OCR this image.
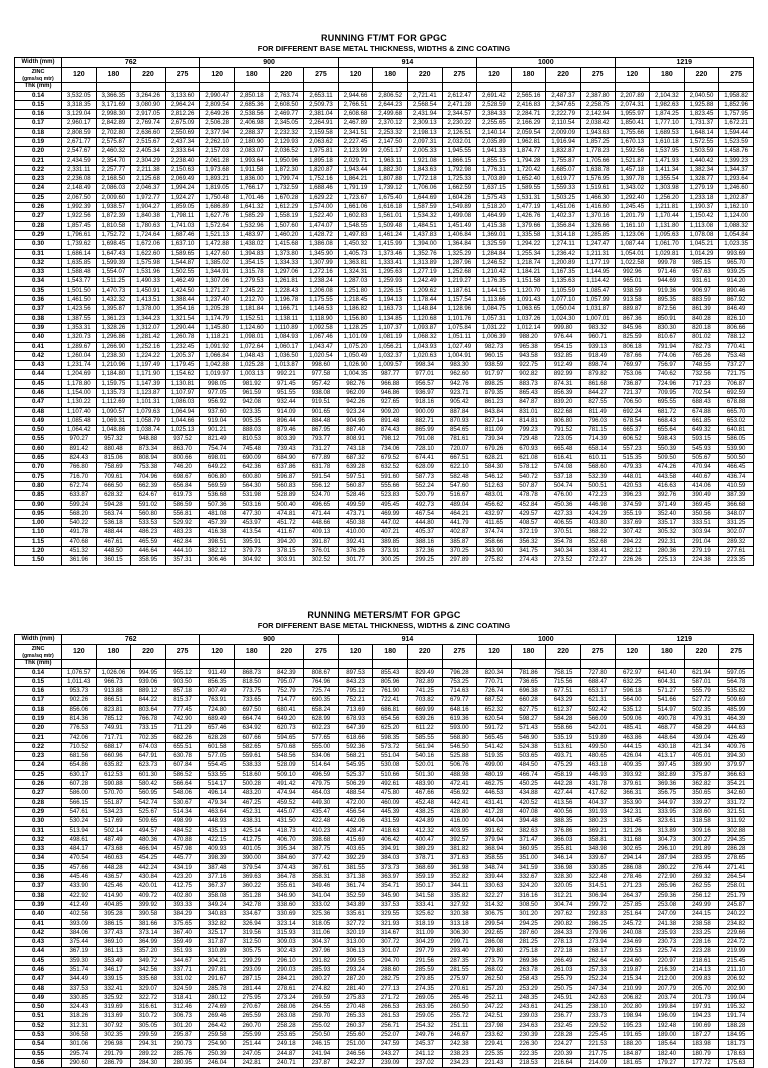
RUNNING FT/MT FOR GPGC
FOR DIFFERENT BASE METAL THICKNESS, WIDTHS & ZINC COATING
Width (mm)	762				900				914				1000				1219			

ZINC
(gms/sq mtr)	120	180	220	275	120	180	220	275	120	180	220	275	120	180	220	275	120	180	220	275
Thk (mm)																				
0.14	3,532.05	3,366.35	3,264.26	3,133.60	2,990.47	2,850.18	2,763.74	2,653.11	2,944.66	2,806.52	2,721.41	2,612.47	2,691.42	2,565.16	2,487.37	2,387.80	2,207.89	2,104.32	2,040.50	1,958.82
0.15	3,318.35	3,171.69	3,080.90	2,964.24	2,809.54	2,685.36	2,608.50	2,509.73	2,766.51	2,644.23	2,568.54	2,471.28	2,528.59	2,416.83	2,347.65	2,258.75	2,074.31	1,982.63	1,925.88	1,852.96
0.16	3,129.04	2,998.30	2,917.05	2,812.26	2,649.26	2,538.56	2,469.77	2,381.04	2,608.68	2,499.68	2,431.94	2,344.57	2,384.33	2,284.71	2,222.79	2,142.94	1,955.97	1,874.25	1,823.45	1,757.95
0.17	2,960.17	2,842.89	2,769.74	2,675.09	2,506.28	2,406.98	2,345.05	2,264.91	2,467.89	2,370.12	2,309.13	2,230.22	2,255.65	2,166.29	2,110.54	2,038.42	1,850.41	1,777.10	1,731.37	1,672.21
0.18	2,808.59	2,702.80	2,636.60	2,550.69	2,377.94	2,288.37	2,232.32	2,159.58	2,341.51	2,253.32	2,198.13	2,126.51	2,140.14	2,059.54	2,009.09	1,943.63	1,755.66	1,689.53	1,648.14	1,594.44
0.19	2,671.77	2,575.87	2,515.67	2,437.34	2,262.10	2,180.90	2,129.93	2,063.62	2,227.45	2,147.50	2,097.31	2,032.01	2,035.89	1,962.81	1,916.94	1,857.25	1,670.13	1,610.18	1,572.55	1,523.59
0.20	2,547.67	2,460.32	2,405.34	2,333.64	2,157.03	2,083.07	2,036.52	1,975.81	2,123.99	2,051.17	2,005.33	1,945.55	1,941.33	1,874.77	1,832.87	1,778.23	1,592.56	1,537.95	1,503.59	1,458.76
0.21	2,434.59	2,354.70	2,304.29	2,238.40	2,061.28	1,993.64	1,950.96	1,895.18	2,029.71	1,963.11	1,921.08	1,866.15	1,855.15	1,794.28	1,755.87	1,705.66	1,521.87	1,471.93	1,440.42	1,399.23
0.22	2,331.11	2,257.77	2,211.38	2,150.63	1,973.68	1,911.58	1,872.30	1,820.87	1,943.44	1,882.30	1,843.63	1,792.98	1,776.31	1,720.42	1,685.07	1,638.78	1,457.18	1,411.34	1,382.34	1,344.37
0.23	2,236.08	2,168.50	2,125.68	2,069.49	1,893.21	1,836.00	1,799.74	1,752.16	1,864.21	1,807.88	1,772.18	1,725.33	1,703.89	1,652.40	1,619.77	1,576.95	1,397.78	1,355.54	1,328.77	1,293.64
0.24	2,148.49	2,086.03	2,046.37	1,994.24	1,819.05	1,766.17	1,732.59	1,688.46	1,791.19	1,739.12	1,706.06	1,662.59	1,637.15	1,589.55	1,559.33	1,519.61	1,343.02	1,303.98	1,279.19	1,246.60
0.25	2,067.50	2,009.60	1,972.77	1,924.27	1,750.48	1,701.46	1,670.28	1,629.22	1,723.67	1,675.40	1,644.69	1,604.26	1,575.43	1,531.31	1,503.25	1,466.30	1,292.40	1,256.20	1,233.18	1,202.87
0.26	1,992.39	1,938.57	1,904.27	1,859.05	1,686.89	1,641.32	1,612.29	1,574.00	1,661.06	1,616.18	1,587.59	1,549.89	1,518.20	1,477.19	1,451.06	1,416.60	1,245.45	1,211.81	1,190.37	1,162.10
0.27	1,922.56	1,872.39	1,840.38	1,798.11	1,627.76	1,585.29	1,558.19	1,522.40	1,602.83	1,561.01	1,534.32	1,499.08	1,464.99	1,426.76	1,402.37	1,370.16	1,201.79	1,170.44	1,150.42	1,124.00
0.28	1,857.45	1,810.58	1,780.63	1,741.03	1,572.64	1,532.96	1,507.60	1,474.07	1,548.55	1,509.48	1,484.51	1,451.49	1,415.38	1,379.66	1,356.84	1,326.66	1,161.10	1,131.80	1,113.08	1,088.32
0.29	1,796.61	1,752.72	1,724.64	1,687.46	1,521.13	1,483.97	1,460.20	1,428.72	1,497.83	1,461.24	1,437.83	1,406.84	1,369.01	1,335.58	1,314.18	1,285.85	1,123.06	1,095.63	1,078.08	1,054.84
0.30	1,739.62	1,698.45	1,672.06	1,637.10	1,472.88	1,438.02	1,415.68	1,386.08	1,450.32	1,415.99	1,394.00	1,364.84	1,325.59	1,294.22	1,274.11	1,247.47	1,087.44	1,061.70	1,045.21	1,023.35
0.31	1,686.14	1,647.43	1,622.60	1,589.65	1,427.60	1,394.83	1,373.80	1,345.90	1,405.73	1,373.46	1,352.76	1,325.29	1,284.84	1,255.34	1,236.42	1,211.31	1,054.01	1,029.81	1,014.29	993.69
0.32	1,635.85	1,599.39	1,575.98	1,544.87	1,385.02	1,354.15	1,334.33	1,307.99	1,363.81	1,333.41	1,313.89	1,287.96	1,246.52	1,218.74	1,200.89	1,177.19	1,022.58	999.78	985.15	965.70
0.33	1,588.48	1,554.07	1,531.96	1,502.55	1,344.91	1,315.78	1,297.06	1,272.16	1,324.31	1,295.63	1,277.19	1,252.68	1,210.42	1,184.21	1,167.35	1,144.95	992.96	971.46	957.63	939.25
0.34	1,543.77	1,511.25	1,490.33	1,462.49	1,307.06	1,279.53	1,261.81	1,238.24	1,287.03	1,259.93	1,242.49	1,219.27	1,176.35	1,151.58	1,135.63	1,114.42	965.01	944.69	931.61	914.20
0.35	1,501.50	1,470.73	1,450.91	1,424.50	1,271.27	1,245.22	1,228.43	1,206.08	1,251.80	1,226.15	1,209.62	1,187.61	1,144.15	1,120.70	1,105.59	1,085.47	938.59	919.36	906.97	890.46
0.36	1,461.50	1,432.32	1,413.51	1,388.44	1,237.40	1,212.70	1,196.78	1,175.55	1,218.45	1,194.13	1,178.44	1,157.54	1,113.66	1,091.43	1,077.10	1,057.99	913.58	895.35	883.59	867.92
0.37	1,423.56	1,395.87	1,378.00	1,354.16	1,205.28	1,181.84	1,166.71	1,146.53	1,186.82	1,163.73	1,148.84	1,128.96	1,084.75	1,063.65	1,050.04	1,031.87	889.87	872.56	861.39	846.49
0.38	1,387.55	1,361.23	1,344.23	1,321.54	1,174.79	1,152.51	1,138.11	1,118.90	1,156.80	1,134.85	1,120.68	1,101.76	1,057.31	1,037.26	1,024.30	1,007.01	867.36	850.91	840.28	826.10
0.39	1,353.31	1,328.26	1,312.07	1,290.44	1,145.80	1,124.60	1,110.89	1,092.58	1,128.25	1,107.37	1,093.87	1,075.84	1,031.22	1,012.14	999.80	983.32	845.96	830.30	820.18	806.66
0.40	1,320.73	1,296.86	1,281.42	1,260.78	1,118.21	1,098.01	1,084.93	1,067.46	1,101.09	1,081.19	1,068.32	1,051.11	1,006.39	988.20	976.44	960.71	825.59	810.67	801.02	788.12
0.41	1,289.67	1,266.90	1,252.16	1,232.45	1,091.92	1,072.64	1,060.17	1,043.47	1,075.20	1,056.21	1,043.93	1,027.49	982.73	965.38	954.15	939.13	806.18	791.94	782.73	770.41
0.42	1,260.04	1,238.30	1,224.22	1,205.37	1,066.84	1,048.43	1,036.50	1,020.54	1,050.49	1,032.37	1,020.63	1,004.91	960.15	943.58	932.85	918.49	787.66	774.06	765.26	753.48
0.43	1,231.74	1,210.96	1,197.49	1,179.45	1,042.88	1,025.28	1,013.87	998.60	1,026.90	1,009.57	998.34	983.30	938.59	922.75	912.49	898.74	769.97	756.97	748.55	737.27
0.44	1,204.69	1,184.80	1,171.90	1,154.62	1,019.97	1,003.13	992.21	977.58	1,004.35	987.77	977.01	962.60	917.97	902.82	892.99	879.82	753.06	740.62	732.56	721.75
0.45	1,178.80	1,159.75	1,147.39	1,130.81	998.05	981.92	971.45	957.42	982.76	966.88	956.57	942.76	898.25	883.73	874.31	861.68	736.87	724.96	717.23	706.87
0.46	1,154.00	1,135.73	1,123.87	1,107.97	977.05	961.59	951.55	938.08	962.09	946.86	936.97	923.71	879.35	865.43	856.39	844.27	721.37	709.95	702.54	692.59
0.47	1,130.22	1,112.69	1,101.31	1,086.03	956.92	942.08	932.44	919.51	942.26	927.65	918.16	905.42	861.23	847.87	839.20	827.55	706.50	695.55	688.43	678.88
0.48	1,107.40	1,090.57	1,079.63	1,064.94	937.60	923.35	914.09	901.65	923.24	909.20	900.09	887.84	843.84	831.01	822.68	811.49	692.24	681.72	674.88	665.70
0.49	1,085.48	1,069.31	1,058.79	1,044.66	919.04	905.35	896.44	884.48	904.96	891.48	882.71	870.93	827.14	814.81	806.80	796.03	678.54	668.43	661.85	653.02
0.50	1,064.42	1,048.86	1,038.74	1,025.13	901.21	888.03	879.46	867.95	887.40	874.43	865.99	854.65	811.09	799.23	791.52	781.15	665.37	655.64	649.32	640.81
0.55	970.27	957.32	948.88	937.52	821.49	810.53	803.39	793.77	808.91	798.12	791.08	781.61	739.34	729.48	723.05	714.39	606.52	598.43	593.15	586.05
0.60	891.42	880.48	873.34	863.70	754.74	745.48	739.43	731.27	743.18	734.06	728.10	720.07	679.26	670.93	665.48	658.14	557.23	550.39	545.93	539.90
0.65	824.43	815.06	808.94	800.66	698.01	690.09	684.90	677.89	687.32	679.52	674.41	667.51	628.21	621.08	616.41	610.11	515.35	509.50	505.67	500.50
0.70	766.80	758.69	753.38	746.20	649.22	642.36	637.86	631.78	639.28	632.52	628.09	622.10	584.30	578.12	574.08	568.60	479.33	474.26	470.94	466.45
0.75	716.70	709.61	704.96	698.67	606.80	600.80	596.87	591.54	597.51	591.60	587.73	582.48	546.12	540.72	537.18	532.39	448.01	443.58	440.67	436.74
0.80	672.74	666.50	662.39	656.84	569.59	564.30	560.83	556.12	560.87	555.66	552.24	547.60	512.63	507.87	504.74	500.51	420.53	416.63	414.06	410.59
0.85	633.87	628.32	624.67	619.73	536.68	531.98	528.89	524.70	528.46	523.83	520.79	516.67	483.01	478.78	476.00	472.23	396.23	392.76	390.49	387.39
0.90	599.24	594.28	591.02	586.59	507.36	503.16	500.40	496.65	499.59	495.45	492.73	489.04	456.62	452.84	450.36	446.98	374.59	371.49	369.45	366.68
0.95	568.20	563.74	560.80	556.81	481.08	477.30	474.81	471.44	473.71	469.99	467.54	464.21	432.97	429.57	427.33	424.29	355.19	352.40	350.56	348.07
1.00	540.22	536.18	533.53	529.92	457.39	453.97	451.72	448.66	450.38	447.02	444.80	441.79	411.65	408.57	406.55	403.80	337.69	335.17	333.51	331.25
1.10	491.78	488.44	486.23	483.23	416.38	413.54	411.67	409.13	410.00	407.21	405.37	402.87	374.74	372.19	370.51	368.22	307.42	305.32	303.94	302.07
1.15	470.68	467.61	465.59	462.84	398.51	395.91	394.20	391.87	392.41	389.85	388.16	385.87	358.66	356.32	354.78	352.68	294.22	292.31	291.04	289.32
1.20	451.32	448.50	446.64	444.10	382.12	379.73	378.15	376.01	376.26	373.91	372.36	370.25	343.90	341.75	340.34	338.41	282.12	280.36	279.19	277.61
1.50	361.96	360.15	358.95	357.31	306.46	304.92	303.91	302.52	301.77	300.25	299.25	297.89	275.82	274.43	273.52	272.27	226.26	225.13	224.38	223.35
RUNNING METERS/MT FOR GPGC
FOR DIFFERENT BASE METAL THICKNESS, WIDTHS & ZINC COATING
Width (mm)	762				900				914				1000				1219			

ZINC
(gms/sq mtr)	120	180	220	275	120	180	220	275	120	180	220	275	120	180	220	275	120	180	220	275
Thk (mm)																				
0.14	1,076.57	1,026.06	994.95	955.12	911.49	868.73	842.39	808.67	897.53	855.43	829.49	796.28	820.34	781.86	758.15	727.80	672.97	641.40	621.94	597.05
0.15	1,011.43	966.73	939.06	903.50	856.35	818.50	795.07	764.96	843.23	805.96	782.89	753.25	770.71	736.65	715.56	688.47	632.25	604.31	587.01	564.78
0.16	953.73	913.88	889.12	857.18	807.49	773.75	752.79	725.74	795.12	761.90	741.25	714.63	726.74	696.38	677.51	653.17	596.18	571.27	555.79	535.82
0.17	902.26	866.51	844.22	815.37	763.91	733.65	714.77	690.35	752.21	722.41	703.82	679.77	687.52	660.28	643.29	621.31	564.00	541.66	527.72	509.69
0.18	856.06	823.81	803.64	777.45	724.80	697.50	680.41	658.24	713.69	686.81	669.99	648.16	652.32	627.75	612.37	592.42	535.12	514.97	502.35	485.99
0.19	814.36	785.12	766.78	742.90	689.49	664.74	649.20	628.99	678.93	654.56	639.26	619.36	620.54	598.27	584.28	566.09	509.06	490.78	479.31	464.39
0.20	776.53	749.91	733.15	711.29	657.46	634.92	620.73	602.23	647.39	625.20	611.22	593.00	591.72	571.43	558.66	542.01	485.41	468.77	458.29	444.63
0.21	742.06	717.71	702.35	682.26	628.28	607.66	594.65	577.65	618.66	598.35	585.55	568.80	565.45	546.90	535.19	519.89	463.86	448.64	439.04	426.49
0.22	710.52	688.17	674.03	655.51	601.58	582.65	570.68	555.00	592.36	573.72	561.94	546.50	541.42	524.38	513.61	499.50	444.15	430.18	421.34	409.76
0.23	681.56	660.96	647.91	630.78	577.05	559.61	548.56	534.06	568.21	551.04	540.16	525.88	519.35	503.65	493.71	480.65	426.04	413.17	405.01	394.30
0.24	654.86	635.82	623.73	607.84	554.45	538.33	528.09	514.64	545.95	530.08	520.01	506.76	499.00	484.50	475.29	463.18	409.35	397.45	389.90	379.97
0.25	630.17	612.53	601.30	586.52	533.55	518.60	509.10	496.59	525.37	510.66	501.30	488.98	480.19	466.74	458.19	446.93	393.92	382.89	375.87	366.63
0.26	607.28	590.88	580.42	566.64	514.17	500.28	491.42	479.75	506.29	492.61	483.90	472.41	462.75	450.25	442.28	431.78	379.61	369.36	362.82	354.21
0.27	586.00	570.70	560.95	548.06	496.14	483.20	474.94	464.03	488.54	475.80	467.66	456.92	446.53	434.88	427.44	417.62	366.31	356.75	350.65	342.60
0.28	566.15	551.87	542.74	530.67	479.34	467.25	459.52	449.30	472.00	460.09	452.48	442.41	431.41	420.52	413.56	404.37	353.90	344.97	339.27	331.72
0.29	547.61	534.23	525.67	514.34	463.64	452.31	445.07	435.47	456.54	445.39	438.25	428.80	417.28	407.08	400.56	391.93	342.31	333.95	328.60	321.51
0.30	530.24	517.69	509.65	498.99	448.93	438.31	431.50	422.48	442.06	431.59	424.89	416.00	404.04	394.48	388.35	380.23	331.45	323.61	318.58	311.92
0.31	513.94	502.14	494.57	484.52	435.13	425.14	418.73	410.23	428.47	418.63	412.32	403.95	391.62	382.63	376.86	369.21	321.26	313.89	309.16	302.88
0.32	498.61	487.49	480.36	470.88	422.15	412.75	406.70	398.68	415.69	406.42	400.47	392.57	379.94	371.47	366.03	358.81	311.68	304.73	300.27	294.35
0.33	484.17	473.68	466.94	457.98	409.93	401.05	395.34	387.75	403.65	394.91	389.29	381.82	368.94	360.95	355.81	348.98	302.65	296.10	291.89	286.28
0.34	470.54	460.63	454.25	445.77	398.39	390.00	384.60	377.42	392.29	384.03	378.71	371.63	358.55	351.00	346.14	339.67	294.14	287.94	283.95	278.65
0.35	457.66	448.28	442.24	434.19	387.48	379.54	374.43	367.61	381.55	373.73	368.69	361.98	348.74	341.59	336.98	330.85	286.08	280.22	276.44	271.41
0.36	445.46	436.57	430.84	423.20	377.16	369.63	364.78	358.31	371.38	363.97	359.19	352.82	339.44	332.67	328.30	322.48	278.46	272.90	269.32	264.54
0.37	433.90	425.46	420.01	412.75	367.37	360.22	355.61	349.46	361.74	354.71	350.17	344.11	330.63	324.20	320.05	314.51	271.23	265.96	262.55	258.01
0.38	422.92	414.90	409.72	402.80	358.08	351.28	346.90	341.04	352.59	345.90	341.58	335.82	322.27	316.16	312.21	306.94	264.37	259.36	256.12	251.79
0.39	412.49	404.85	399.92	393.33	349.24	342.78	338.60	333.02	343.89	337.53	333.41	327.92	314.32	308.50	304.74	299.72	257.85	253.08	249.99	245.87
0.40	402.56	395.28	390.58	384.29	340.83	334.67	330.69	325.36	335.61	329.55	325.62	320.38	306.75	301.20	297.62	292.83	251.64	247.09	244.15	240.22
0.41	393.09	386.15	381.66	375.65	332.82	326.94	323.14	318.05	327.72	321.93	318.19	313.18	299.54	294.25	290.82	286.25	245.72	241.38	238.58	234.82
0.42	384.06	377.43	373.14	367.40	325.17	319.56	315.93	311.06	320.19	314.67	311.09	306.30	292.65	287.60	284.33	279.96	240.08	235.93	233.25	229.66
0.43	375.44	369.10	364.99	359.49	317.87	312.50	309.03	304.37	313.00	307.72	304.29	299.71	286.08	281.25	278.13	273.94	234.69	230.73	228.16	224.72
0.44	367.19	361.13	357.20	351.93	310.89	305.75	302.43	297.96	306.13	301.07	297.79	293.40	279.80	275.18	272.18	268.17	229.53	225.74	223.28	219.99
0.45	359.30	353.49	349.72	344.67	304.21	299.29	296.10	291.82	299.55	294.70	291.56	287.35	273.79	269.36	266.49	262.64	224.60	220.97	218.61	215.45
0.46	351.74	346.17	342.56	337.71	297.81	293.09	290.03	285.93	293.24	288.60	285.59	281.55	268.02	263.78	261.03	257.33	219.87	216.39	214.13	211.10
0.47	344.49	339.15	335.68	331.02	291.67	287.15	284.21	280.27	287.20	282.75	279.85	275.97	262.50	258.43	255.79	252.24	215.34	212.00	209.83	206.92
0.48	337.53	332.41	329.07	324.59	285.78	281.44	278.61	274.82	281.40	277.13	274.35	270.61	257.20	253.29	250.75	247.34	210.99	207.79	205.70	202.90
0.49	330.85	325.92	322.72	318.41	280.12	275.95	273.24	269.59	275.83	271.72	269.05	265.46	252.11	248.35	245.91	242.63	206.82	203.74	201.73	199.04
0.50	324.43	319.69	316.61	312.46	274.69	270.67	268.06	264.55	270.48	266.53	263.95	260.50	247.22	243.61	241.25	238.10	202.80	199.84	197.91	195.32
0.51	318.26	313.69	310.72	306.73	269.46	265.59	263.08	259.70	265.33	261.53	259.05	255.72	242.51	239.03	236.77	233.73	198.94	196.09	194.23	191.74
0.52	312.31	307.92	305.05	301.20	264.42	260.70	258.28	255.02	260.37	256.71	254.32	251.11	237.98	234.63	232.45	229.52	195.23	192.48	190.69	188.28
0.53	306.58	302.35	299.59	295.87	259.58	255.99	253.65	250.50	255.60	252.07	249.76	246.67	233.62	230.39	228.28	225.45	191.65	189.00	187.27	184.95
0.54	301.06	296.98	294.31	290.73	254.90	251.44	249.18	246.15	251.00	247.59	245.37	242.38	229.41	226.30	224.27	221.53	188.20	185.64	183.98	181.73
0.55	295.74	291.79	289.22	285.76	250.39	247.05	244.87	241.94	246.56	243.27	241.12	238.23	225.35	222.35	220.39	217.75	184.87	182.40	180.79	178.63
0.56	290.60	286.79	284.30	280.95	246.04	242.81	240.71	237.87	242.27	239.09	237.02	234.23	221.43	218.53	216.64	214.09	181.65	179.27	177.72	175.63
